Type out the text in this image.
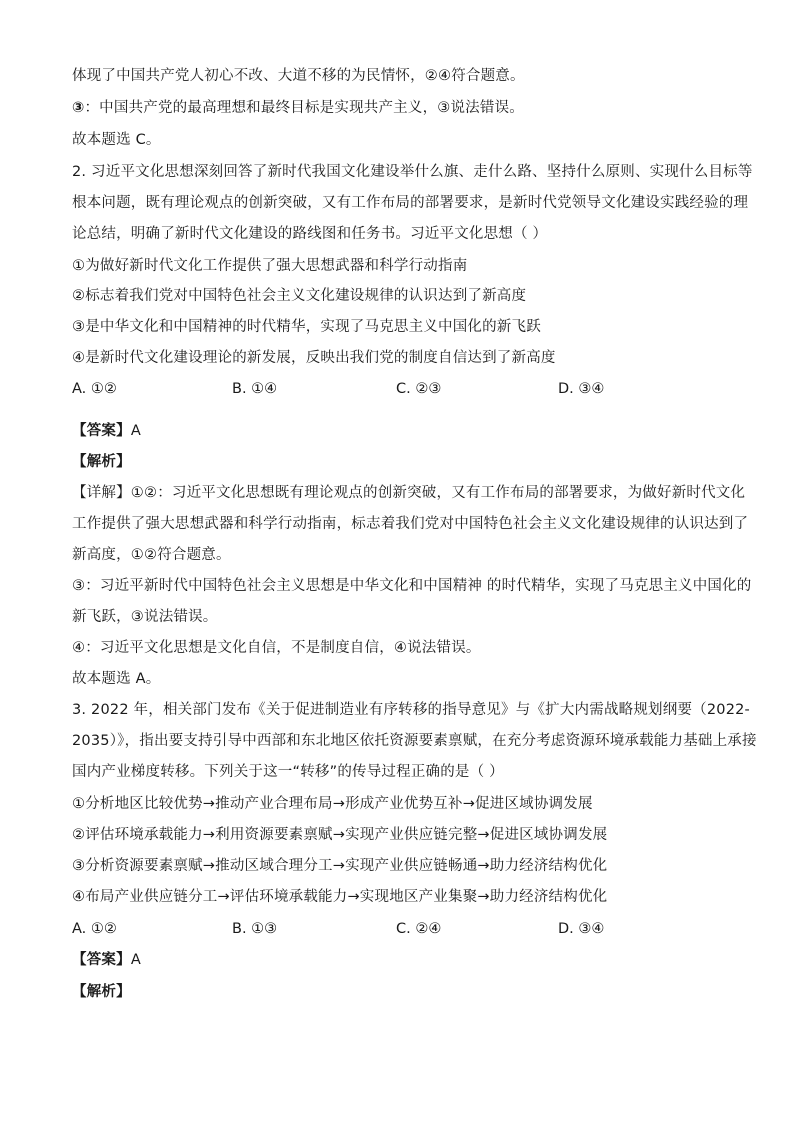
体现了中国共产党人初心不改、大道不移的为民情怀，②④符合题意。
③：中国共产党的最高理想和最终目标是实现共产主义，③说法错误。
故本题选 C。
2. 习近平文化思想深刻回答了新时代我国文化建设举什么旗、走什么路、坚持什么原则、实现什么目标等
根本问题，既有理论观点的创新突破，又有工作布局的部署要求，是新时代党领导文化建设实践经验的理
论总结，明确了新时代文化建设的路线图和任务书。习近平文化思想（ ）
①为做好新时代文化工作提供了强大思想武器和科学行动指南
②标志着我们党对中国特色社会主义文化建设规律的认识达到了新高度
③是中华文化和中国精神的时代精华，实现了马克思主义中国化的新飞跃
④是新时代文化建设理论的新发展，反映出我们党的制度自信达到了新高度
A. ①②	B. ①④	C. ②③	D. ③④
【答案】A
【解析】
【详解】①②：习近平文化思想既有理论观点的创新突破，又有工作布局的部署要求，为做好新时代文化
工作提供了强大思想武器和科学行动指南，标志着我们党对中国特色社会主义文化建设规律的认识达到了
新高度，①②符合题意。
③：习近平新时代中国特色社会主义思想是中华文化和中国精神 的时代精华，实现了马克思主义中国化的
新飞跃，③说法错误。
④：习近平文化思想是文化自信，不是制度自信，④说法错误。
故本题选 A。
3. 2022 年，相关部门发布《关于促进制造业有序转移的指导意见》与《扩大内需战略规划纲要（2022-
2035）》，指出要支持引导中西部和东北地区依托资源要素禀赋，在充分考虑资源环境承载能力基础上承接
国内产业梯度转移。下列关于这一“转移”的传导过程正确的是（ ）
①分析地区比较优势→推动产业合理布局→形成产业优势互补→促进区域协调发展
②评估环境承载能力→利用资源要素禀赋→实现产业供应链完整→促进区域协调发展
③分析资源要素禀赋→推动区域合理分工→实现产业供应链畅通→助力经济结构优化
④布局产业供应链分工→评估环境承载能力→实现地区产业集聚→助力经济结构优化
A. ①②	B. ①③	C. ②④	D. ③④
【答案】A
【解析】
